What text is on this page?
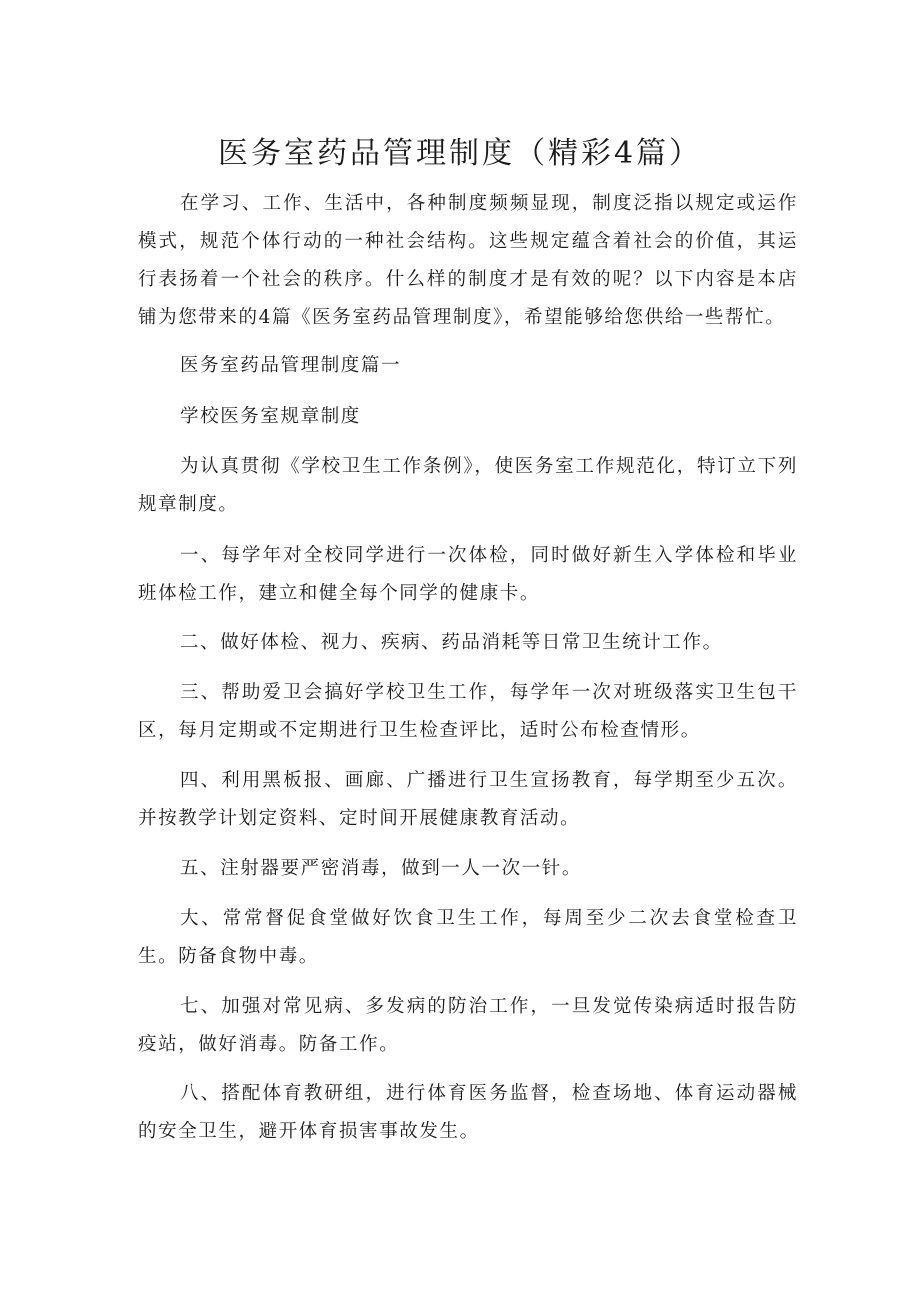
医务室药品管理制度（精彩4篇）

在学习、工作、生活中，各种制度频频显现，制度泛指以规定或运作模式，规范个体行动的一种社会结构。这些规定蕴含着社会的价值，其运行表扬着一个社会的秩序。什么样的制度才是有效的呢？以下内容是本店铺为您带来的4篇《医务室药品管理制度》，希望能够给您供给一些帮忙。

医务室药品管理制度篇一

学校医务室规章制度

为认真贯彻《学校卫生工作条例》，使医务室工作规范化，特订立下列规章制度。

一、每学年对全校同学进行一次体检，同时做好新生入学体检和毕业班体检工作，建立和健全每个同学的健康卡。

二、做好体检、视力、疾病、药品消耗等日常卫生统计工作。

三、帮助爱卫会搞好学校卫生工作，每学年一次对班级落实卫生包干区，每月定期或不定期进行卫生检查评比，适时公布检查情形。

四、利用黑板报、画廊、广播进行卫生宣扬教育，每学期至少五次。并按教学计划定资料、定时间开展健康教育活动。

五、注射器要严密消毒，做到一人一次一针。

大、常常督促食堂做好饮食卫生工作，每周至少二次去食堂检查卫生。防备食物中毒。

七、加强对常见病、多发病的防治工作，一旦发觉传染病适时报告防疫站，做好消毒。防备工作。

八、搭配体育教研组，进行体育医务监督，检查场地、体育运动器械的安全卫生，避开体育损害事故发生。
